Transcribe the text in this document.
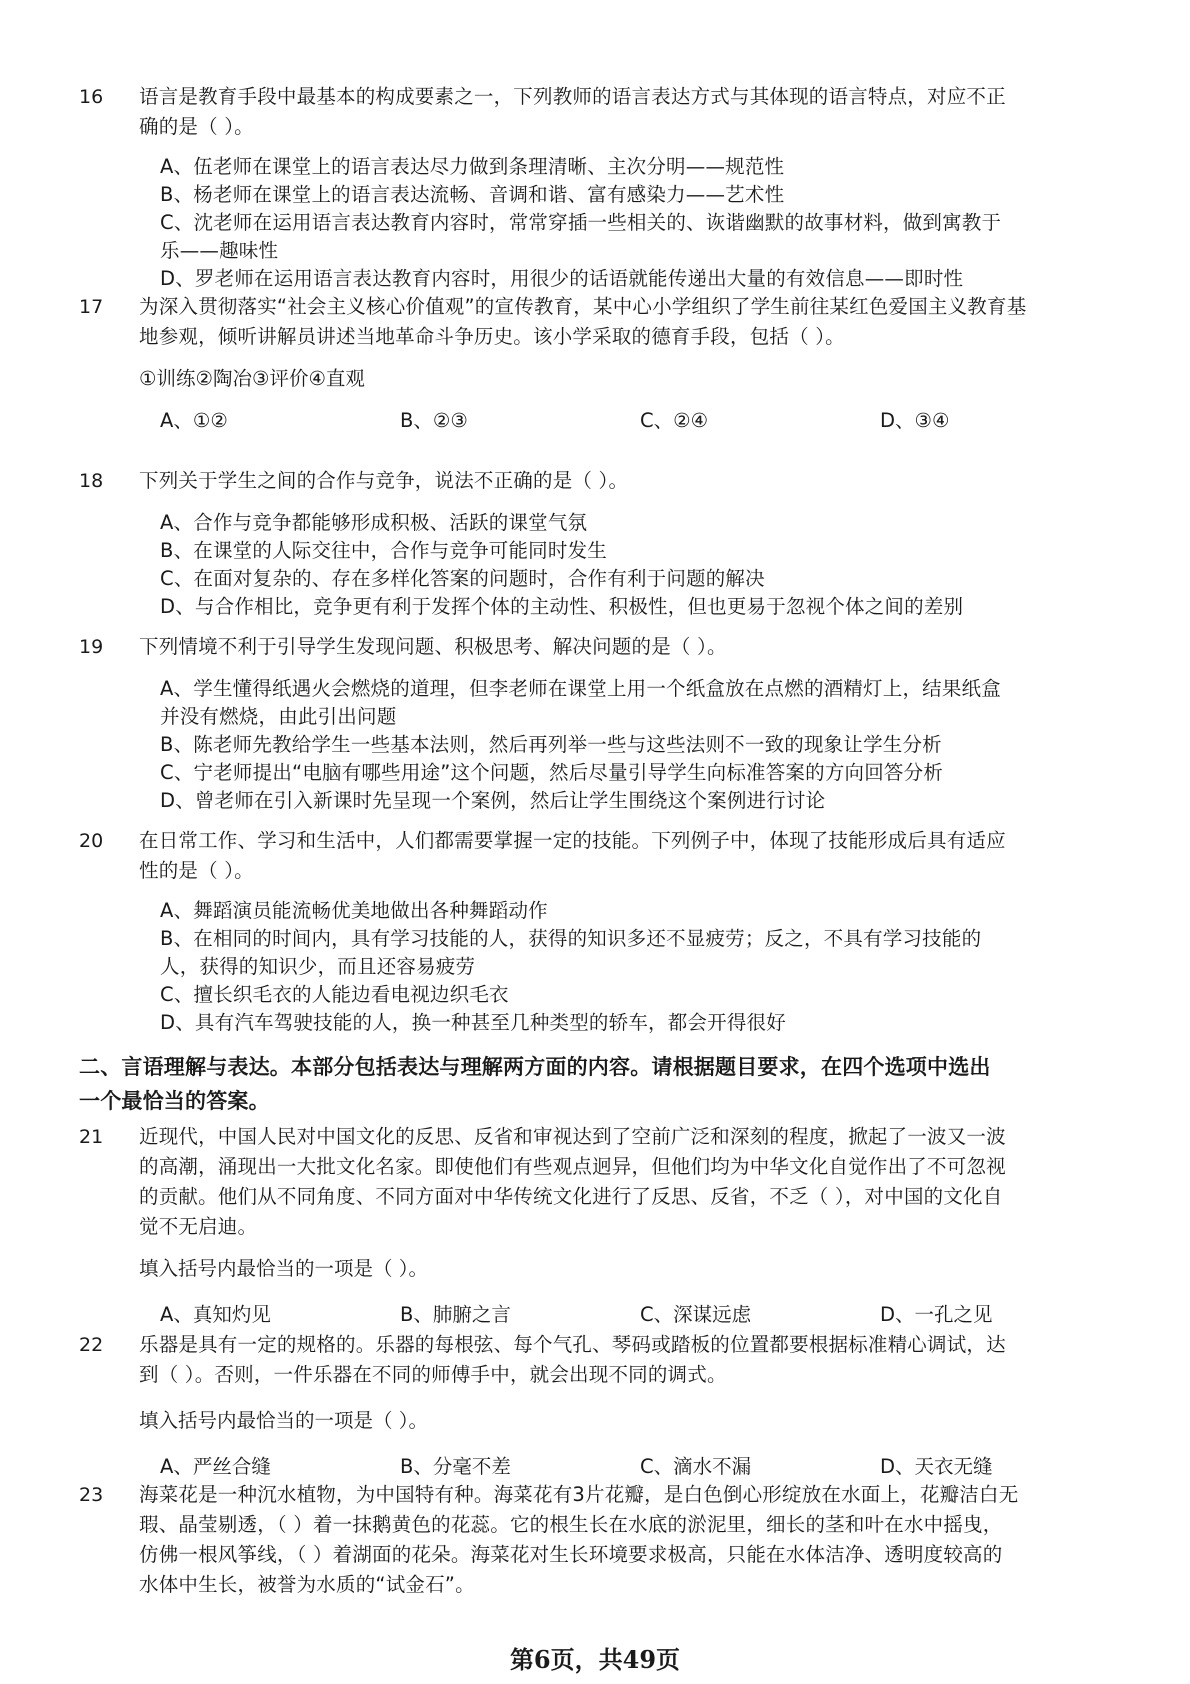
16 语言是教育手段中最基本的构成要素之一，下列教师的语言表达方式与其体现的语言特点，对应不正
确的是（ ）。
A、伍老师在课堂上的语言表达尽力做到条理清晰、主次分明——规范性
B、杨老师在课堂上的语言表达流畅、音调和谐、富有感染力——艺术性
C、沈老师在运用语言表达教育内容时，常常穿插一些相关的、诙谐幽默的故事材料，做到寓教于
乐——趣味性
D、罗老师在运用语言表达教育内容时，用很少的话语就能传递出大量的有效信息——即时性
17 为深入贯彻落实“社会主义核心价值观”的宣传教育，某中心小学组织了学生前往某红色爱国主义教育基
地参观，倾听讲解员讲述当地革命斗争历史。该小学采取的德育手段，包括（ ）。
①训练②陶冶③评价④直观
A、①②	B、②③	C、②④	D、③④
18 下列关于学生之间的合作与竞争，说法不正确的是（ ）。
A、合作与竞争都能够形成积极、活跃的课堂气氛
B、在课堂的人际交往中，合作与竞争可能同时发生
C、在面对复杂的、存在多样化答案的问题时，合作有利于问题的解决
D、与合作相比，竞争更有利于发挥个体的主动性、积极性，但也更易于忽视个体之间的差别
19 下列情境不利于引导学生发现问题、积极思考、解决问题的是（ ）。
A、学生懂得纸遇火会燃烧的道理，但李老师在课堂上用一个纸盒放在点燃的酒精灯上，结果纸盒
并没有燃烧，由此引出问题
B、陈老师先教给学生一些基本法则，然后再列举一些与这些法则不一致的现象让学生分析
C、宁老师提出“电脑有哪些用途”这个问题，然后尽量引导学生向标准答案的方向回答分析
D、曾老师在引入新课时先呈现一个案例，然后让学生围绕这个案例进行讨论
20 在日常工作、学习和生活中，人们都需要掌握一定的技能。下列例子中，体现了技能形成后具有适应
性的是（ ）。
A、舞蹈演员能流畅优美地做出各种舞蹈动作
B、在相同的时间内，具有学习技能的人，获得的知识多还不显疲劳；反之，不具有学习技能的
人，获得的知识少，而且还容易疲劳
C、擅长织毛衣的人能边看电视边织毛衣
D、具有汽车驾驶技能的人，换一种甚至几种类型的轿车，都会开得很好
二、言语理解与表达。本部分包括表达与理解两方面的内容。请根据题目要求，在四个选项中选出
一个最恰当的答案。
21 近现代，中国人民对中国文化的反思、反省和审视达到了空前广泛和深刻的程度，掀起了一波又一波
的高潮，涌现出一大批文化名家。即使他们有些观点迥异，但他们均为中华文化自觉作出了不可忽视
的贡献。他们从不同角度、不同方面对中华传统文化进行了反思、反省，不乏（ ），对中国的文化自
觉不无启迪。
填入括号内最恰当的一项是（ ）。
A、真知灼见	B、肺腑之言	C、深谋远虑	D、一孔之见
22 乐器是具有一定的规格的。乐器的每根弦、每个气孔、琴码或踏板的位置都要根据标准精心调试，达
到（ ）。否则，一件乐器在不同的师傅手中，就会出现不同的调式。
填入括号内最恰当的一项是（ ）。
A、严丝合缝	B、分毫不差	C、滴水不漏	D、天衣无缝
23 海菜花是一种沉水植物，为中国特有种。海菜花有3片花瓣，是白色倒心形绽放在水面上，花瓣洁白无
瑕、晶莹剔透，（ ）着一抹鹅黄色的花蕊。它的根生长在水底的淤泥里，细长的茎和叶在水中摇曳，
仿佛一根风筝线，（ ）着湖面的花朵。海菜花对生长环境要求极高，只能在水体洁净、透明度较高的
水体中生长，被誉为水质的“试金石”。
第6页，共49页
